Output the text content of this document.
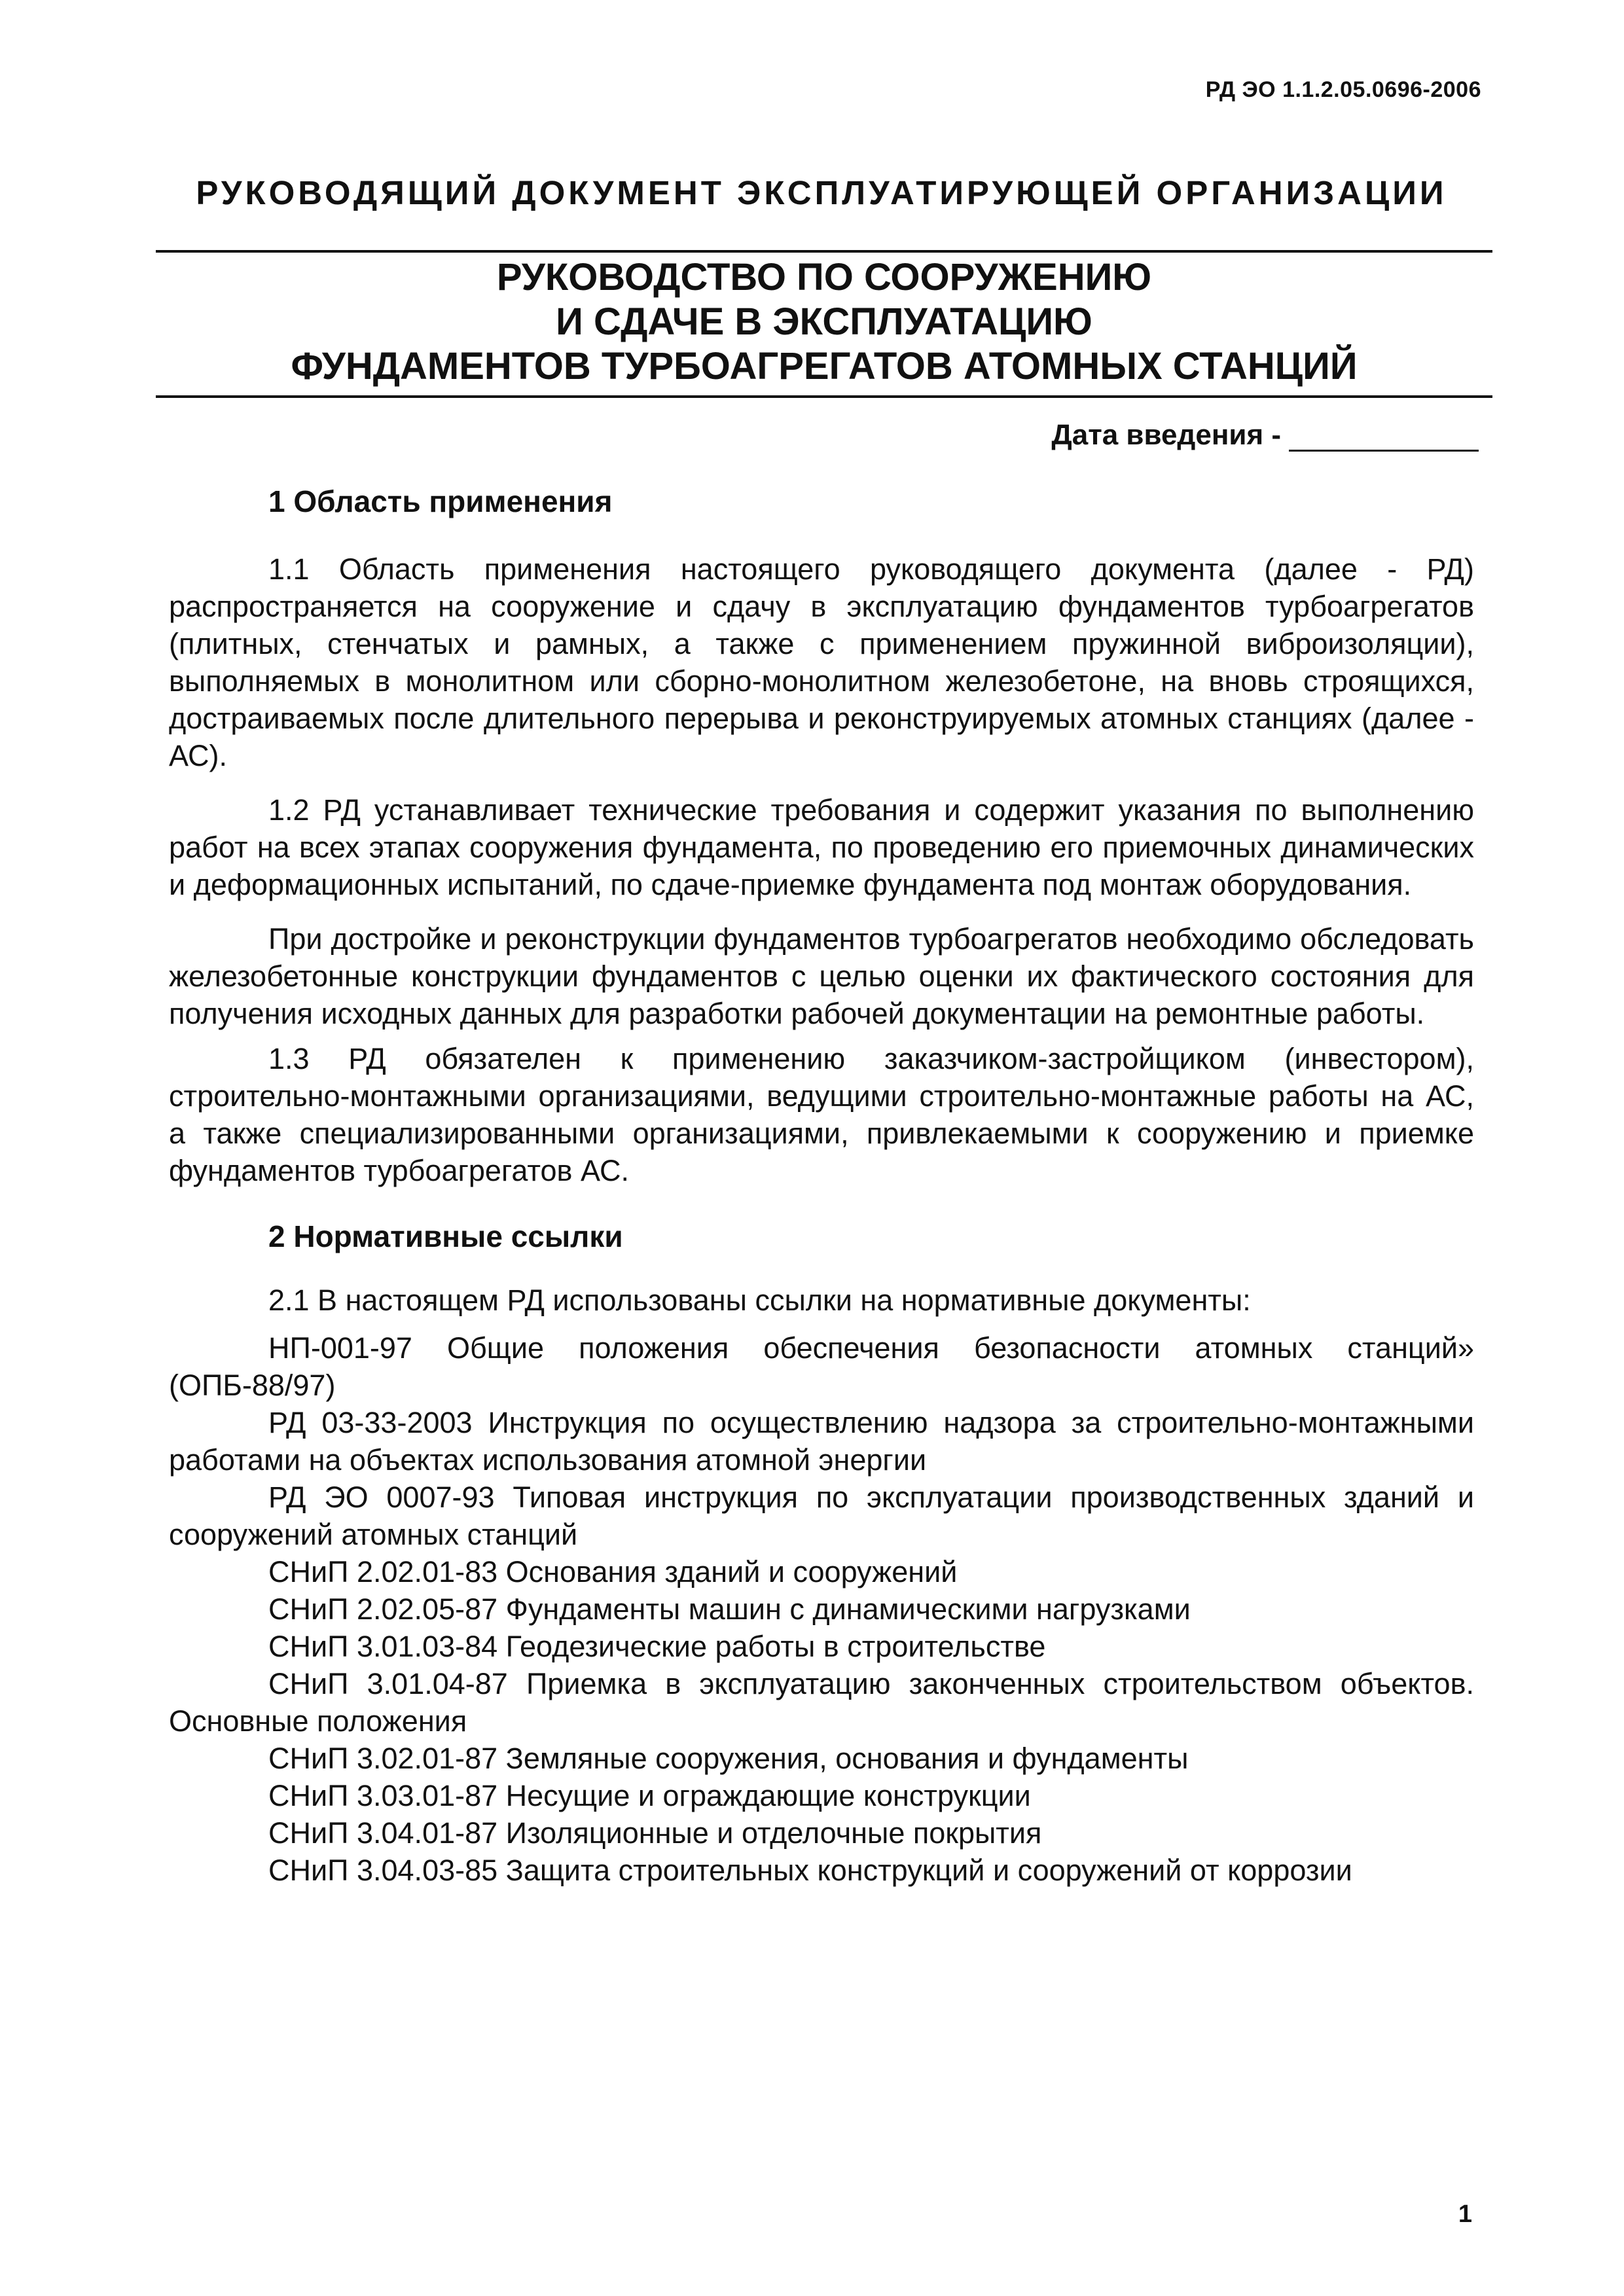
РД ЭО 1.1.2.05.0696-2006
РУКОВОДЯЩИЙ ДОКУМЕНТ ЭКСПЛУАТИРУЮЩЕЙ ОРГАНИЗАЦИИ
РУКОВОДСТВО ПО СООРУЖЕНИЮ
И СДАЧЕ В ЭКСПЛУАТАЦИЮ
ФУНДАМЕНТОВ ТУРБОАГРЕГАТОВ АТОМНЫХ СТАНЦИЙ
Дата введения -

1 Область применения

1.1 Область применения настоящего руководящего документа (далее - РД) распространяется на сооружение и сдачу в эксплуатацию фундаментов турбоагрегатов (плитных, стенчатых и рамных, а также с применением пружинной виброизоляции), выполняемых в монолитном или сборно-монолитном железобетоне, на вновь строящихся, достраиваемых после длительного перерыва и реконструируемых атомных станциях (далее - АС).

1.2 РД устанавливает технические требования и содержит указания по выполнению работ на всех этапах сооружения фундамента, по проведению его приемочных динамических и деформационных испытаний, по сдаче-приемке фундамента под монтаж оборудования.

При достройке и реконструкции фундаментов турбоагрегатов необходимо обследовать железобетонные конструкции фундаментов с целью оценки их фактического состояния для получения исходных данных для разработки рабочей документации на ремонтные работы.

1.3 РД обязателен к применению заказчиком-застройщиком (инвестором), строительно-монтажными организациями, ведущими строительно-монтажные работы на АС, а также специализированными организациями, привлекаемыми к сооружению и приемке фундаментов турбоагрегатов АС.

2 Нормативные ссылки

2.1 В настоящем РД использованы ссылки на нормативные документы:

НП-001-97 Общие положения обеспечения безопасности атомных станций» (ОПБ-88/97)

РД 03-33-2003 Инструкция по осуществлению надзора за строительно-монтажными работами на объектах использования атомной энергии

РД ЭО 0007-93 Типовая инструкция по эксплуатации производственных зданий и сооружений атомных станций

СНиП 2.02.01-83 Основания зданий и сооружений

СНиП 2.02.05-87 Фундаменты машин с динамическими нагрузками

СНиП 3.01.03-84 Геодезические работы в строительстве

СНиП 3.01.04-87 Приемка в эксплуатацию законченных строительством объектов. Основные положения

СНиП 3.02.01-87 Земляные сооружения, основания и фундаменты

СНиП 3.03.01-87 Несущие и ограждающие конструкции

СНиП 3.04.01-87 Изоляционные и отделочные покрытия

СНиП 3.04.03-85 Защита строительных конструкций и сооружений от коррозии

1
